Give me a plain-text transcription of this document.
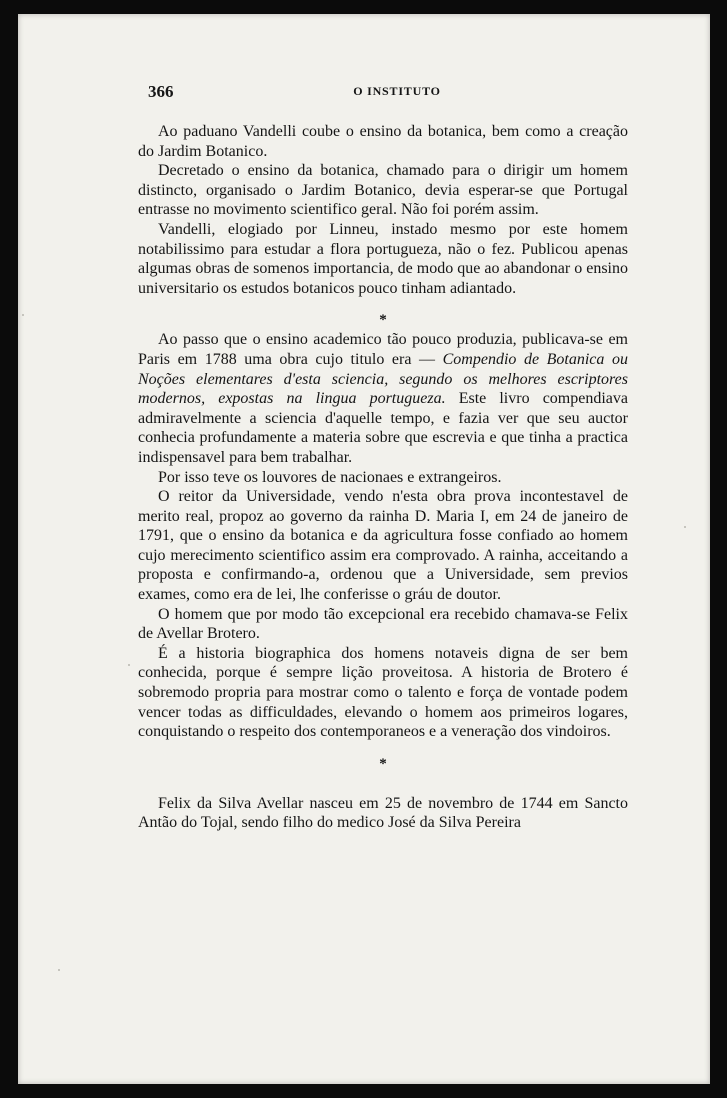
366	O INSTITUTO

Ao paduano Vandelli coube o ensino da botanica, bem como a creação do Jardim Botanico.

Decretado o ensino da botanica, chamado para o dirigir um homem distincto, organisado o Jardim Botanico, devia esperar-se que Portugal entrasse no movimento scientifico geral. Não foi porém assim.

Vandelli, elogiado por Linneu, instado mesmo por este homem notabilissimo para estudar a flora portugueza, não o fez. Publicou apenas algumas obras de somenos importancia, de modo que ao abandonar o ensino universitario os estudos botanicos pouco tinham adiantado.

*

Ao passo que o ensino academico tão pouco produzia, publicava-se em Paris em 1788 uma obra cujo titulo era — Compendio de Botanica ou Noções elementares d'esta sciencia, segundo os melhores escriptores modernos, expostas na lingua portugueza. Este livro compendiava admiravelmente a sciencia d'aquelle tempo, e fazia ver que seu auctor conhecia profundamente a materia sobre que escrevia e que tinha a practica indispensavel para bem trabalhar.

Por isso teve os louvores de nacionaes e extrangeiros.

O reitor da Universidade, vendo n'esta obra prova incontestavel de merito real, propoz ao governo da rainha D. Maria I, em 24 de janeiro de 1791, que o ensino da botanica e da agricultura fosse confiado ao homem cujo merecimento scientifico assim era comprovado. A rainha, acceitando a proposta e confirmando-a, ordenou que a Universidade, sem previos exames, como era de lei, lhe conferisse o gráu de doutor.

O homem que por modo tão excepcional era recebido chamava-se Felix de Avellar Brotero.

É a historia biographica dos homens notaveis digna de ser bem conhecida, porque é sempre lição proveitosa. A historia de Brotero é sobremodo propria para mostrar como o talento e força de vontade podem vencer todas as difficuldades, elevando o homem aos primeiros logares, conquistando o respeito dos contemporaneos e a veneração dos vindoiros.

*

Felix da Silva Avellar nasceu em 25 de novembro de 1744 em Sancto Antão do Tojal, sendo filho do medico José da Silva Pereira
